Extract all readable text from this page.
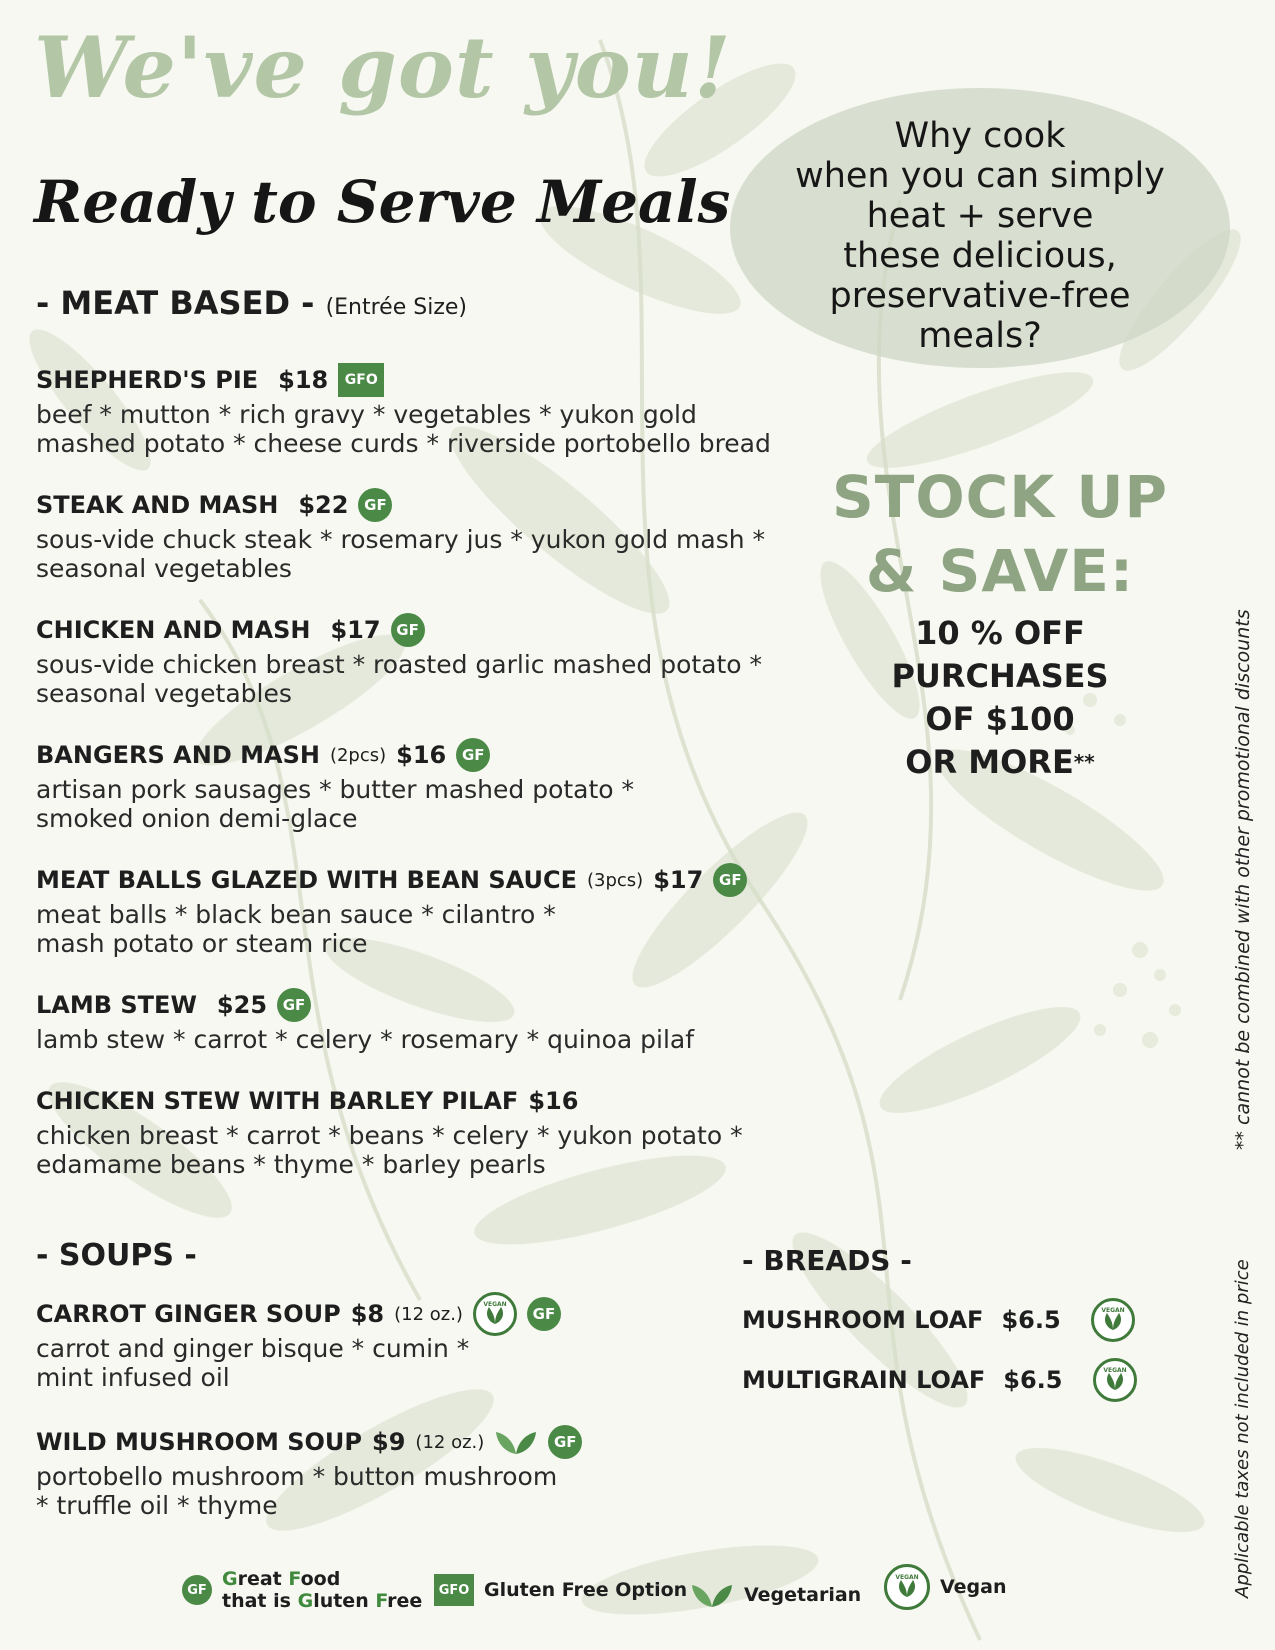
We've got you!
Ready to Serve Meals
- MEAT BASED - (Entrée Size)
SHEPHERD'S PIE $18	GFO
beef * mutton * rich gravy * vegetables * yukon gold
mashed potato * cheese curds * riverside portobello bread
STEAK AND MASH $22	GF
sous-vide chuck steak * rosemary jus * yukon gold mash *
seasonal vegetables
CHICKEN AND MASH $17	GF
sous-vide chicken breast * roasted garlic mashed potato *
seasonal vegetables
BANGERS AND MASH (2pcs) $16	GF
artisan pork sausages * butter mashed potato *
smoked onion demi-glace
MEAT BALLS GLAZED WITH BEAN SAUCE (3pcs) $17	GF
meat balls * black bean sauce * cilantro *
mash potato or steam rice
LAMB STEW $25	GF
lamb stew * carrot * celery * rosemary * quinoa pilaf
CHICKEN STEW WITH BARLEY PILAF $16
chicken breast * carrot * beans * celery * yukon potato *
edamame beans * thyme * barley pearls
- SOUPS -
CARROT GINGER SOUP $8 (12 oz.)	VEGAN
GF
carrot and ginger bisque * cumin *
mint infused oil
WILD MUSHROOM SOUP $9 (12 oz.)	GF
portobello mushroom * button mushroom
* truffle oil * thyme
Why cook
when you can simply
heat + serve
these delicious,
preservative-free
meals?
STOCK UP
& SAVE:
10 % OFF
PURCHASES
OF $100
OR MORE**	** cannot be combined with other promotional discounts
Applicable taxes not included in price
- BREADS -
MUSHROOM LOAF $6.5	VEGAN
MULTIGRAIN LOAF $6.5	VEGAN
GF Great Food
that is Gluten Free	GFO Gluten Free Option	Vegetarian
VEGAN Vegan
